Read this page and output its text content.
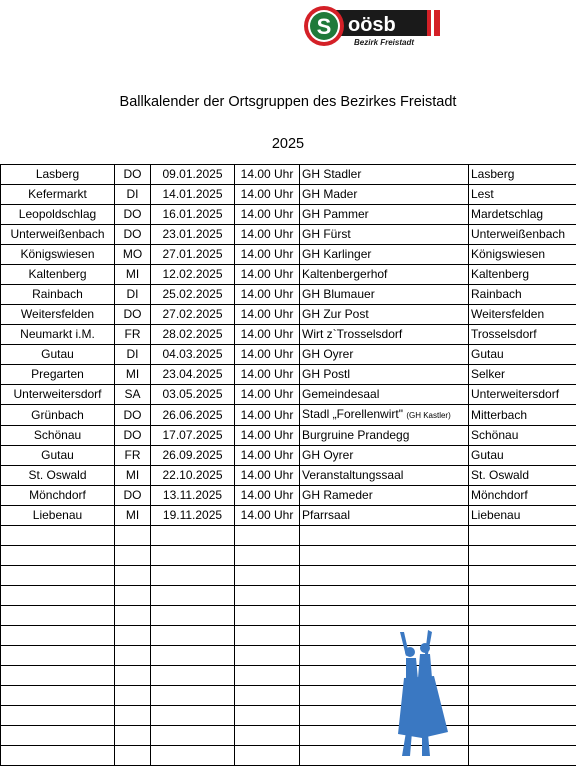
S oösb
Bezirk Freistadt
Ballkalender der Ortsgruppen des Bezirkes Freistadt
2025
Lasberg	DO	09.01.2025	14.00 Uhr	GH Stadler	Lasberg
Kefermarkt	DI	14.01.2025	14.00 Uhr	GH Mader	Lest
Leopoldschlag	DO	16.01.2025	14.00 Uhr	GH Pammer	Mardetschlag
Unterweißenbach	DO	23.01.2025	14.00 Uhr	GH Fürst	Unterweißenbach
Königswiesen	MO	27.01.2025	14.00 Uhr	GH Karlinger	Königswiesen
Kaltenberg	MI	12.02.2025	14.00 Uhr	Kaltenbergerhof	Kaltenberg
Rainbach	DI	25.02.2025	14.00 Uhr	GH Blumauer	Rainbach
Weitersfelden	DO	27.02.2025	14.00 Uhr	GH Zur Post	Weitersfelden
Neumarkt i.M.	FR	28.02.2025	14.00 Uhr	Wirt z`Trosselsdorf	Trosselsdorf
Gutau	DI	04.03.2025	14.00 Uhr	GH Oyrer	Gutau
Pregarten	MI	23.04.2025	14.00 Uhr	GH Postl	Selker
Unterweitersdorf	SA	03.05.2025	14.00 Uhr	Gemeindesaal	Unterweitersdorf
Grünbach	DO	26.06.2025	14.00 Uhr	Stadl „Forellenwirt" (GH Kastler)	Mitterbach
Schönau	DO	17.07.2025	14.00 Uhr	Burgruine Prandegg	Schönau
Gutau	FR	26.09.2025	14.00 Uhr	GH Oyrer	Gutau
St. Oswald	MI	22.10.2025	14.00 Uhr	Veranstaltungssaal	St. Oswald
Mönchdorf	DO	13.11.2025	14.00 Uhr	GH Rameder	Mönchdorf
Liebenau	MI	19.11.2025	14.00 Uhr	Pfarrsaal	Liebenau
